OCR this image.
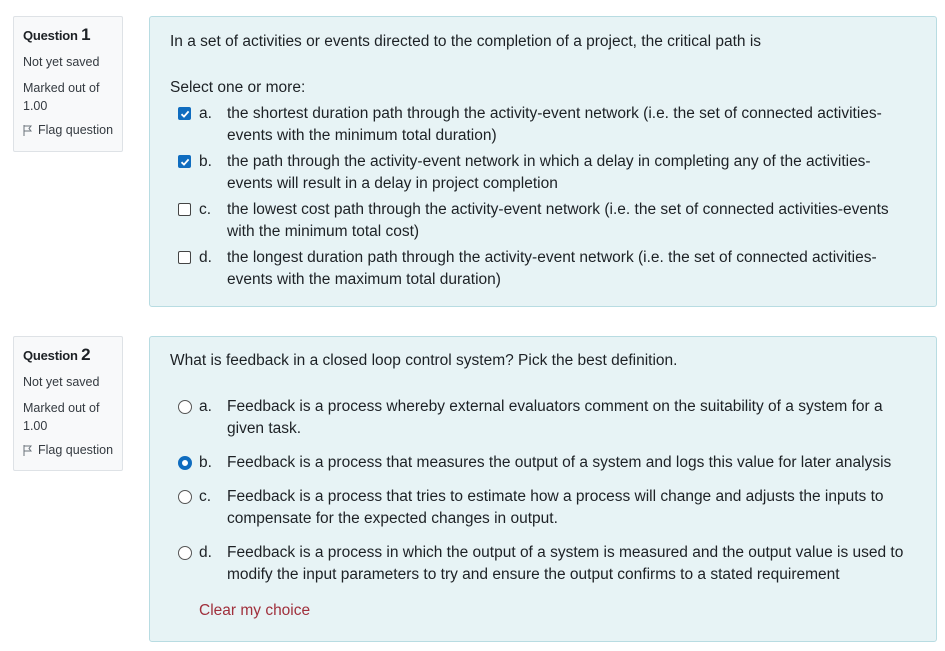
Question 1
Not yet saved
Marked out of 1.00
Flag question
In a set of activities or events directed to the completion of a project, the critical path is
Select one or more:
a. the shortest duration path through the activity-event network (i.e. the set of connected activities-events with the minimum total duration)
b. the path through the activity-event network in which a delay in completing any of the activities-events will result in a delay in project completion
c. the lowest cost path through the activity-event network (i.e. the set of connected activities-events with the minimum total cost)
d. the longest duration path through the activity-event network (i.e. the set of connected activities-events with the maximum total duration)
Question 2
Not yet saved
Marked out of 1.00
Flag question
What is feedback in a closed loop control system? Pick the best definition.
a. Feedback is a process whereby external evaluators comment on the suitability of a system for a given task.
b. Feedback is a process that measures the output of a system and logs this value for later analysis
c. Feedback is a process that tries to estimate how a process will change and adjusts the inputs to compensate for the expected changes in output.
d. Feedback is a process in which the output of a system is measured and the output value is used to modify the input parameters to try and ensure the output confirms to a stated requirement
Clear my choice
